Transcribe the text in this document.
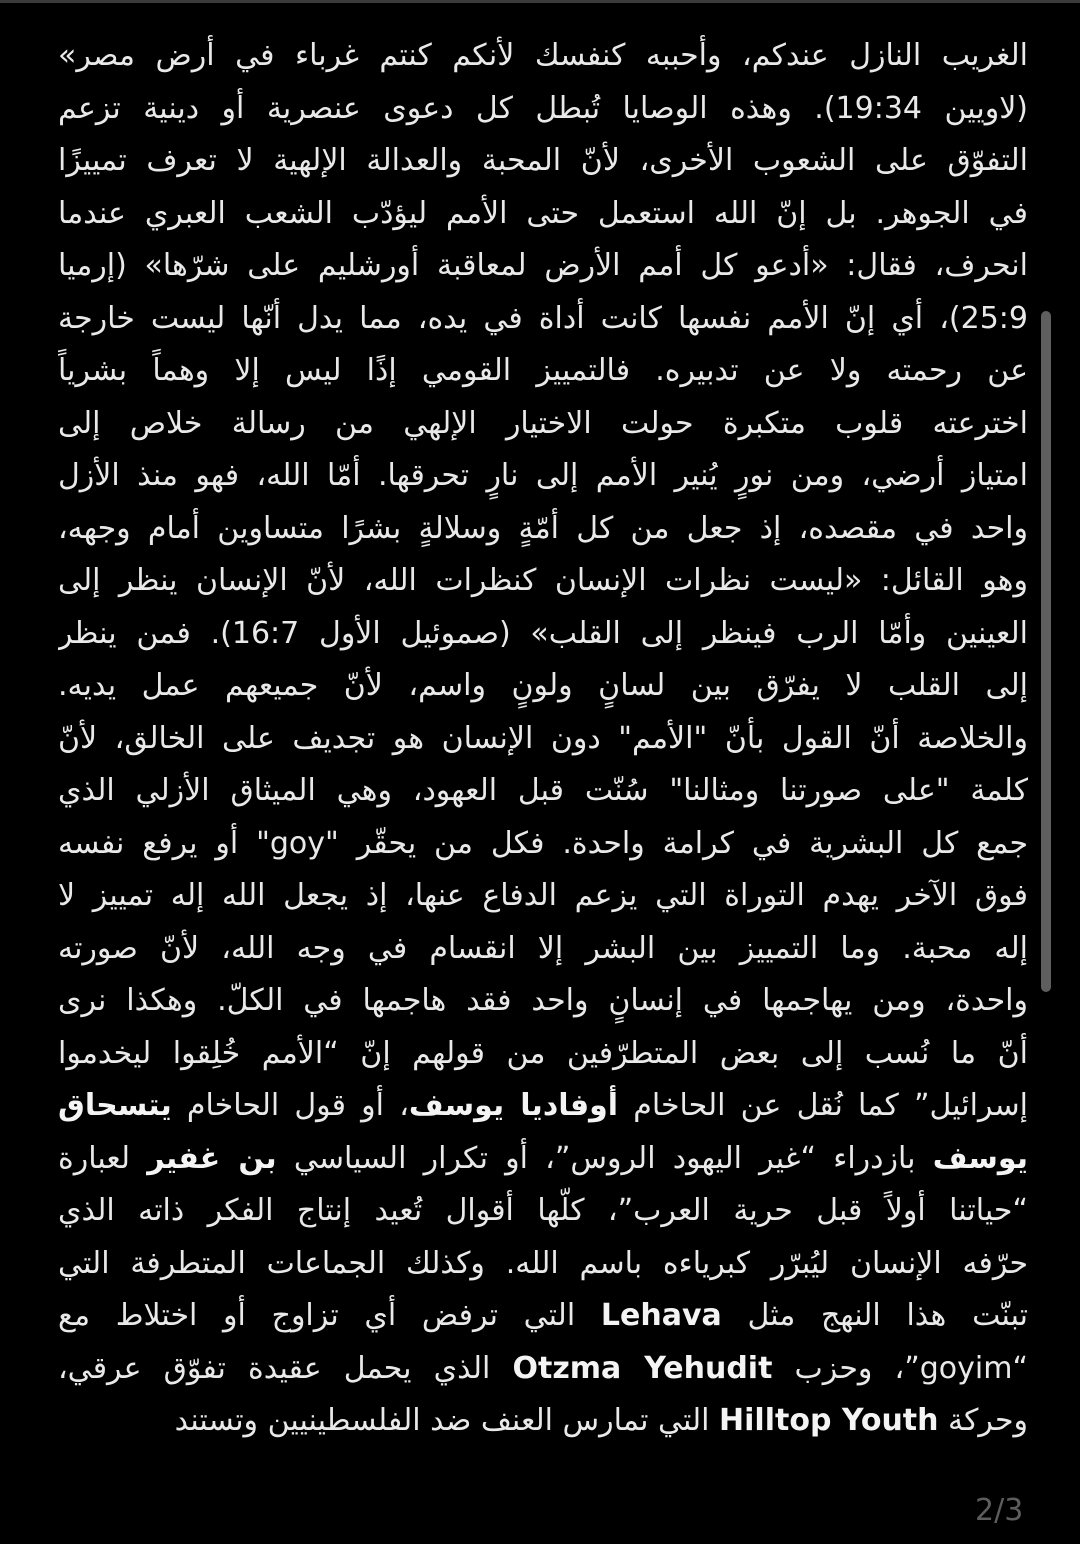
الغريب النازل عندكم، وأحببه كنفسك لأنكم كنتم غرباء في أرض مصر»
(لاويين 19:34). وهذه الوصايا تُبطل كل دعوى عنصرية أو دينية تزعم
التفوّق على الشعوب الأخرى، لأنّ المحبة والعدالة الإلهية لا تعرف تمييزًا
في الجوهر. بل إنّ الله استعمل حتى الأمم ليؤدّب الشعب العبري عندما
انحرف، فقال: «أدعو كل أمم الأرض لمعاقبة أورشليم على شرّها» (إرميا
25:9)، أي إنّ الأمم نفسها كانت أداة في يده، مما يدل أنّها ليست خارجة
عن رحمته ولا عن تدبيره. فالتمييز القومي إذًا ليس إلا وهماً بشرياً
اخترعته قلوب متكبرة حولت الاختيار الإلهي من رسالة خلاص إلى
امتياز أرضي، ومن نورٍ يُنير الأمم إلى نارٍ تحرقها. أمّا الله، فهو منذ الأزل
واحد في مقصده، إذ جعل من كل أمّةٍ وسلالةٍ بشرًا متساوين أمام وجهه،
وهو القائل: «ليست نظرات الإنسان كنظرات الله، لأنّ الإنسان ينظر إلى
العينين وأمّا الرب فينظر إلى القلب» (صموئيل الأول 16:7). فمن ينظر
إلى القلب لا يفرّق بين لسانٍ ولونٍ واسم، لأنّ جميعهم عمل يديه.
والخلاصة أنّ القول بأنّ "الأمم" دون الإنسان هو تجديف على الخالق، لأنّ
كلمة "على صورتنا ومثالنا" سُنّت قبل العهود، وهي الميثاق الأزلي الذي
جمع كل البشرية في كرامة واحدة. فكل من يحقّر "goy" أو يرفع نفسه
فوق الآخر يهدم التوراة التي يزعم الدفاع عنها، إذ يجعل الله إله تمييز لا
إله محبة. وما التمييز بين البشر إلا انقسام في وجه الله، لأنّ صورته
واحدة، ومن يهاجمها في إنسانٍ واحد فقد هاجمها في الكلّ. وهكذا نرى
أنّ ما نُسب إلى بعض المتطرّفين من قولهم إنّ “الأمم خُلِقوا ليخدموا
إسرائيل” كما نُقل عن الحاخام أوفاديا يوسف، أو قول الحاخام يتسحاق
يوسف بازدراء “غير اليهود الروس”، أو تكرار السياسي بن غفير لعبارة
“حياتنا أولاً قبل حرية العرب”، كلّها أقوال تُعيد إنتاج الفكر ذاته الذي
حرّفه الإنسان ليُبرّر كبرياءه باسم الله. وكذلك الجماعات المتطرفة التي
تبنّت هذا النهج مثل Lehava التي ترفض أي تزاوج أو اختلاط مع
“goyim”، وحزب Otzma Yehudit الذي يحمل عقيدة تفوّق عرقي،
وحركة Hilltop Youth التي تمارس العنف ضد الفلسطينيين وتستند
2/3
